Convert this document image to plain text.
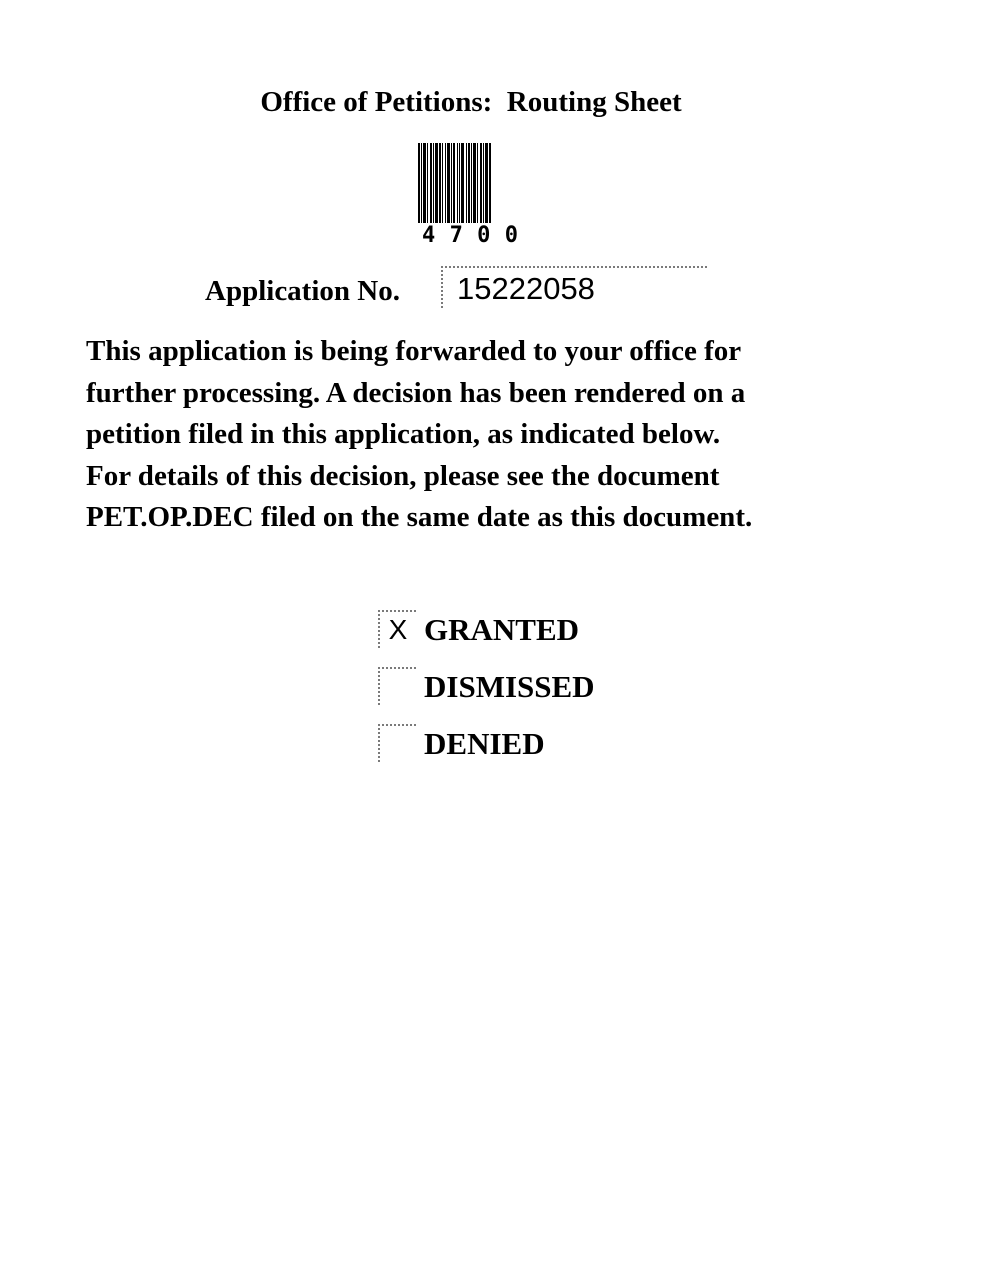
Office of Petitions:  Routing Sheet
4 7 0 0
Application No. 15222058

This application is being forwarded to your office for
further processing. A decision has been rendered on a
petition filed in this application, as indicated below.
For details of this decision, please see the document
PET.OP.DEC filed on the same date as this document.

X GRANTED
DISMISSED
DENIED
